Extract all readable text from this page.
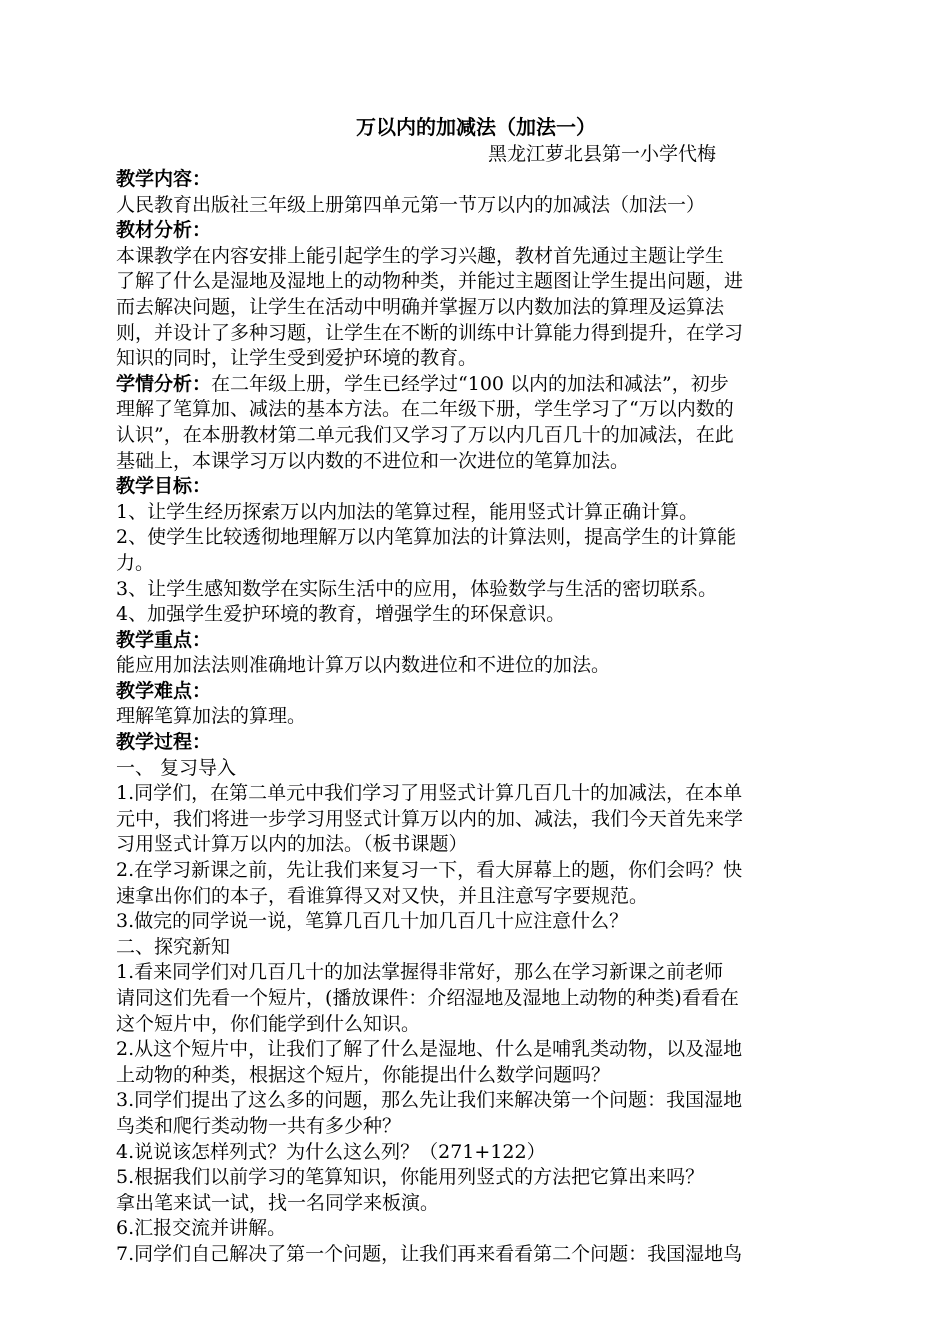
万以内的加减法（加法一）
黑龙江萝北县第一小学代梅
教学内容：
人民教育出版社三年级上册第四单元第一节万以内的加减法（加法一）
教材分析：
本课教学在内容安排上能引起学生的学习兴趣，教材首先通过主题让学生
了解了什么是湿地及湿地上的动物种类，并能过主题图让学生提出问题，进
而去解决问题，让学生在活动中明确并掌握万以内数加法的算理及运算法
则，并设计了多种习题，让学生在不断的训练中计算能力得到提升，在学习
知识的同时，让学生受到爱护环境的教育。
学情分析：在二年级上册，学生已经学过“100 以内的加法和减法”，初步
理解了笔算加、减法的基本方法。在二年级下册，学生学习了“万以内数的
认识”，在本册教材第二单元我们又学习了万以内几百几十的加减法，在此
基础上，本课学习万以内数的不进位和一次进位的笔算加法。
教学目标：
1、让学生经历探索万以内加法的笔算过程，能用竖式计算正确计算。
2、使学生比较透彻地理解万以内笔算加法的计算法则，提高学生的计算能
力。
3、让学生感知数学在实际生活中的应用，体验数学与生活的密切联系。
4、加强学生爱护环境的教育，增强学生的环保意识。
教学重点：
能应用加法法则准确地计算万以内数进位和不进位的加法。
教学难点：
理解笔算加法的算理。
教学过程：
一、 复习导入
1.同学们，在第二单元中我们学习了用竖式计算几百几十的加减法，在本单
元中，我们将进一步学习用竖式计算万以内的加、减法，我们今天首先来学
习用竖式计算万以内的加法。（板书课题）
2.在学习新课之前，先让我们来复习一下，看大屏幕上的题，你们会吗？快
速拿出你们的本子，看谁算得又对又快，并且注意写字要规范。
3.做完的同学说一说，笔算几百几十加几百几十应注意什么？
二、探究新知
1.看来同学们对几百几十的加法掌握得非常好，那么在学习新课之前老师
请同这们先看一个短片，(播放课件：介绍湿地及湿地上动物的种类)看看在
这个短片中，你们能学到什么知识。
2.从这个短片中，让我们了解了什么是湿地、什么是哺乳类动物，以及湿地
上动物的种类，根据这个短片，你能提出什么数学问题吗？
3.同学们提出了这么多的问题，那么先让我们来解决第一个问题：我国湿地
鸟类和爬行类动物一共有多少种？
4.说说该怎样列式？为什么这么列？（271+122）
5.根据我们以前学习的笔算知识，你能用列竖式的方法把它算出来吗？
拿出笔来试一试，找一名同学来板演。
6.汇报交流并讲解。
7.同学们自己解决了第一个问题，让我们再来看看第二个问题：我国湿地鸟
